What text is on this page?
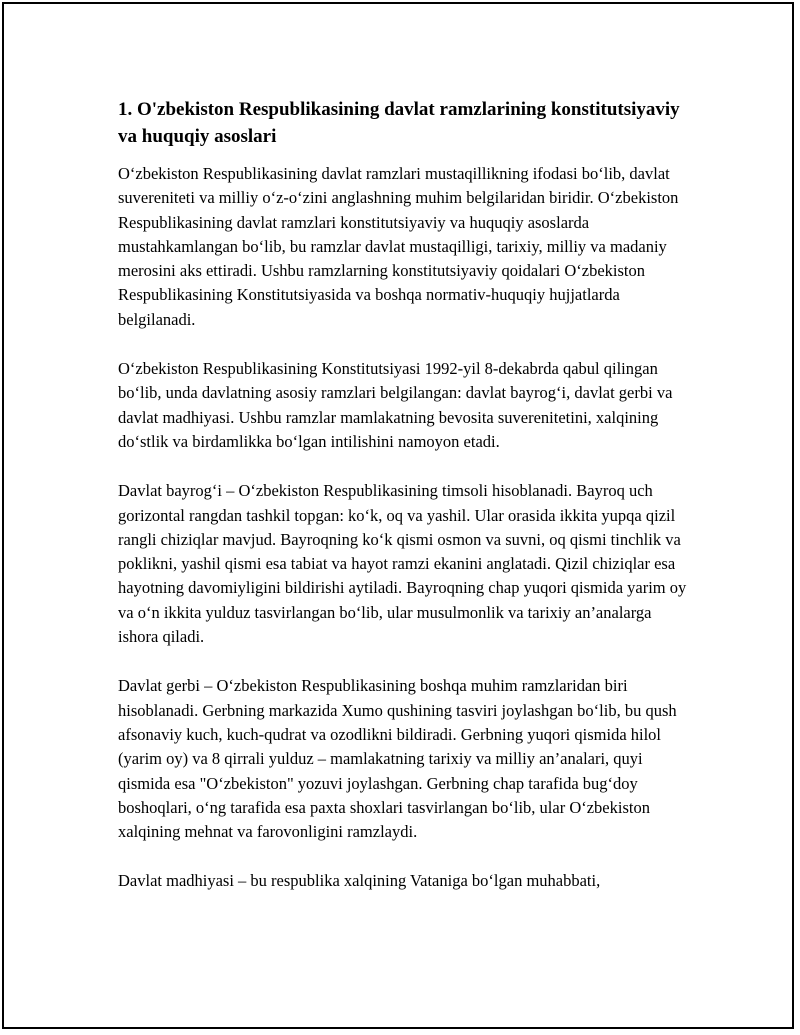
1. O'zbekiston Respublikasining davlat ramzlarining konstitutsiyaviy va huquqiy asoslari

O‘zbekiston Respublikasining davlat ramzlari mustaqillikning ifodasi bo‘lib, davlat suvereniteti va milliy o‘z-o‘zini anglashning muhim belgilaridan biridir. O‘zbekiston Respublikasining davlat ramzlari konstitutsiyaviy va huquqiy asoslarda mustahkamlangan bo‘lib, bu ramzlar davlat mustaqilligi, tarixiy, milliy va madaniy merosini aks ettiradi. Ushbu ramzlarning konstitutsiyaviy qoidalari O‘zbekiston Respublikasining Konstitutsiyasida va boshqa normativ-huquqiy hujjatlarda belgilanadi.

O‘zbekiston Respublikasining Konstitutsiyasi 1992-yil 8-dekabrda qabul qilingan bo‘lib, unda davlatning asosiy ramzlari belgilangan: davlat bayrog‘i, davlat gerbi va davlat madhiyasi. Ushbu ramzlar mamlakatning bevosita suverenitetini, xalqining do‘stlik va birdamlikka bo‘lgan intilishini namoyon etadi.

Davlat bayrog‘i – O‘zbekiston Respublikasining timsoli hisoblanadi. Bayroq uch gorizontal rangdan tashkil topgan: ko‘k, oq va yashil. Ular orasida ikkita yupqa qizil rangli chiziqlar mavjud. Bayroqning ko‘k qismi osmon va suvni, oq qismi tinchlik va poklikni, yashil qismi esa tabiat va hayot ramzi ekanini anglatadi. Qizil chiziqlar esa hayotning davomiyligini bildirishi aytiladi. Bayroqning chap yuqori qismida yarim oy va o‘n ikkita yulduz tasvirlangan bo‘lib, ular musulmonlik va tarixiy an’analarga ishora qiladi.

Davlat gerbi – O‘zbekiston Respublikasining boshqa muhim ramzlaridan biri hisoblanadi. Gerbning markazida Xumo qushining tasviri joylashgan bo‘lib, bu qush afsonaviy kuch, kuch-qudrat va ozodlikni bildiradi. Gerbning yuqori qismida hilol (yarim oy) va 8 qirrali yulduz – mamlakatning tarixiy va milliy an’analari, quyi qismida esa "O‘zbekiston" yozuvi joylashgan. Gerbning chap tarafida bug‘doy boshoqlari, o‘ng tarafida esa paxta shoxlari tasvirlangan bo‘lib, ular O‘zbekiston xalqining mehnat va farovonligini ramzlaydi.

Davlat madhiyasi – bu respublika xalqining Vataniga bo‘lgan muhabbati,
